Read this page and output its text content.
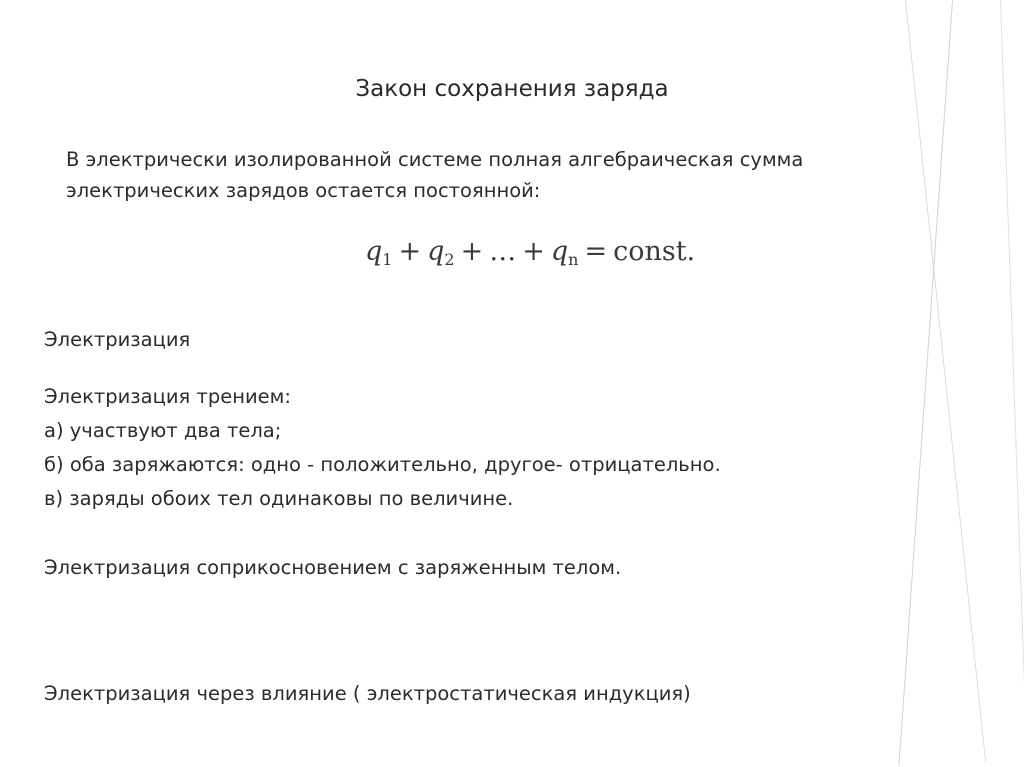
Закон сохранения заряда
В электрически изолированной системе полная алгебраическая сумма
электрических зарядов остается постоянной:
$q_1 + q_2$ + … + $q_n$ = const.
Электризация
Электризация трением:
а) участвуют два тела;
б) оба заряжаются: одно - положительно, другое- отрицательно.
в) заряды обоих тел одинаковы по величине.
Электризация соприкосновением с заряженным телом.
Электризация через влияние ( электростатическая индукция)
